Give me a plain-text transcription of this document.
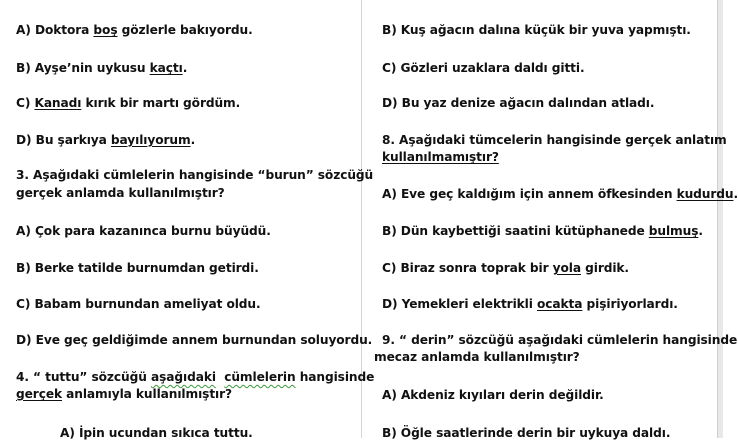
A) Doktora boş gözlerle bakıyordu.
B) Ayşe’nin uykusu kaçtı.
C) Kanadı kırık bir martı gördüm.
D) Bu şarkıya bayılıyorum.
3. Aşağıdaki cümlelerin hangisinde “burun” sözcüğü
gerçek anlamda kullanılmıştır?
A) Çok para kazanınca burnu büyüdü.
B) Berke tatilde burnumdan getirdi.
C) Babam burnundan ameliyat oldu.
D) Eve geç geldiğimde annem burnundan soluyordu.
4. “ tuttu” sözcüğü aşağıdaki cümlelerin hangisinde
gerçek anlamıyla kullanılmıştır?
A) İpin ucundan sıkıca tuttu.
B) Kuş ağacın dalına küçük bir yuva yapmıştı.
C) Gözleri uzaklara daldı gitti.
D) Bu yaz denize ağacın dalından atladı.
8. Aşağıdaki tümcelerin hangisinde gerçek anlatım
kullanılmamıştır?
A) Eve geç kaldığım için annem öfkesinden kudurdu.
B) Dün kaybettiği saatini kütüphanede bulmuş.
C) Biraz sonra toprak bir yola girdik.
D) Yemekleri elektrikli ocakta pişiriyorlardı.
9. “ derin” sözcüğü aşağıdaki cümlelerin hangisinde
mecaz anlamda kullanılmıştır?
A) Akdeniz kıyıları derin değildir.
B) Öğle saatlerinde derin bir uykuya daldı.
